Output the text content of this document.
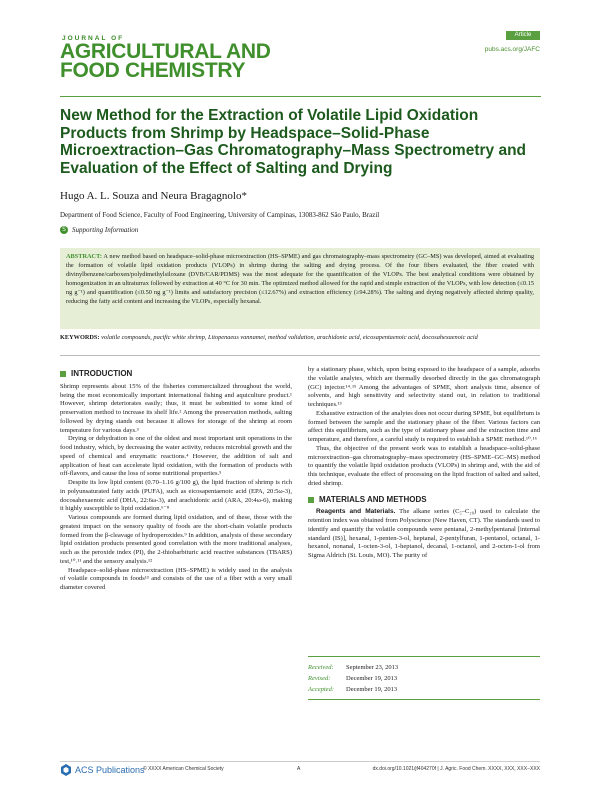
JOURNAL OF
AGRICULTURAL AND
FOOD CHEMISTRY
Article
pubs.acs.org/JAFC
New Method for the Extraction of Volatile Lipid Oxidation Products from Shrimp by Headspace–Solid-Phase Microextraction–Gas Chromatography–Mass Spectrometry and Evaluation of the Effect of Salting and Drying
Hugo A. L. Souza and Neura Bragagnolo*
Department of Food Science, Faculty of Food Engineering, University of Campinas, 13083-862 São Paulo, Brazil
S Supporting Information
ABSTRACT: A new method based on headspace–solid-phase microextraction (HS–SPME) and gas chromatography–mass spectrometry (GC–MS) was developed, aimed at evaluating the formation of volatile lipid oxidation products (VLOPs) in shrimp during the salting and drying process. Of the four fibers evaluated, the fiber coated with divinylbenzene/carboxen/polydimethylsiloxane (DVB/CAR/PDMS) was the most adequate for the quantification of the VLOPs. The best analytical conditions were obtained by homogenization in an ultraturrax followed by extraction at 40 °C for 30 min. The optimized method allowed for the rapid and simple extraction of the VLOPs, with low detection (≤0.15 ng g⁻¹) and quantification (≤0.50 ng g⁻¹) limits and satisfactory precision (≤12.67%) and extraction efficiency (≥94.28%). The salting and drying negatively affected shrimp quality, reducing the fatty acid content and increasing the VLOPs, especially hexanal.
KEYWORDS: volatile compounds, pacific white shrimp, Litopenaeus vannamei, method validation, arachidonic acid, eicosapentaenoic acid, docosahexaenoic acid
INTRODUCTION

Shrimp represents about 15% of the fisheries commercialized throughout the world, being the most economically important international fishing and aquiculture product.¹ However, shrimp deteriorates easily; thus, it must be submitted to some kind of preservation method to increase its shelf life.² Among the preservation methods, salting followed by drying stands out because it allows for storage of the shrimp at room temperature for various days.³

Drying or dehydration is one of the oldest and most important unit operations in the food industry, which, by decreasing the water activity, reduces microbial growth and the speed of chemical and enzymatic reactions.⁴ However, the addition of salt and application of heat can accelerate lipid oxidation, with the formation of products with off-flavors, and cause the loss of some nutritional properties.⁵

Despite its low lipid content (0.70–1.16 g/100 g), the lipid fraction of shrimp is rich in polyunsaturated fatty acids (PUFA), such as eicosapentaenoic acid (EPA, 20:5ω-3), docosahexaenoic acid (DHA, 22:6ω-3), and arachidonic acid (ARA, 20:4ω-6), making it highly susceptible to lipid oxidation.⁶⁻⁸

Various compounds are formed during lipid oxidation, and of these, those with the greatest impact on the sensory quality of foods are the short-chain volatile products formed from the β-cleavage of hydroperoxides.⁹ In addition, analysis of these secondary lipid oxidation products presented good correlation with the more traditional analyses, such as the peroxide index (PI), the 2-thiobarbituric acid reactive substances (TBARS) test,¹⁰˒¹¹ and the sensory analysis.¹²

Headspace–solid-phase microextraction (HS–SPME) is widely used in the analysis of volatile compounds in foods¹³ and consists of the use of a fiber with a very small diameter covered

by a stationary phase, which, upon being exposed to the headspace of a sample, adsorbs the volatile analytes, which are thermally desorbed directly in the gas chromatograph (GC) injector.¹⁴˒¹⁵ Among the advantages of SPME, short analysis time, absence of solvents, and high sensitivity and selectivity stand out, in relation to traditional techniques.¹³

Exhaustive extraction of the analytes does not occur during SPME, but equilibrium is formed between the sample and the stationary phase of the fiber. Various factors can affect this equilibrium, such as the type of stationary phase and the extraction time and temperature, and therefore, a careful study is required to establish a SPME method.¹⁰˒¹⁶

Thus, the objective of the present work was to establish a headspace–solid-phase microextraction–gas chromatography–mass spectrometry (HS–SPME–GC–MS) method to quantify the volatile lipid oxidation products (VLOPs) in shrimp and, with the aid of this technique, evaluate the effect of processing on the lipid fraction of salted and salted, dried shrimp.

MATERIALS AND METHODS

Reagents and Materials. The alkane series (C₅–C₂₀) used to calculate the retention index was obtained from Polyscience (New Haven, CT). The standards used to identify and quantify the volatile compounds were pentanal, 2-methylpentanal [internal standard (IS)], hexanal, 1-penten-3-ol, heptanal, 2-pentylfuran, 1-pentanol, octanal, 1-hexanol, nonanal, 1-octen-3-ol, 1-heptanol, decanal, 1-octanol, and 2-octen-1-ol from Sigma Aldrich (St. Louis, MO). The purity of

Received:	September 23, 2013
Revised:	December 19, 2013
Accepted:	December 19, 2013
ACS Publications
© XXXX American Chemical Society	A	dx.doi.org/10.1021/jf404270f | J. Agric. Food Chem. XXXX, XXX, XXX−XXX
